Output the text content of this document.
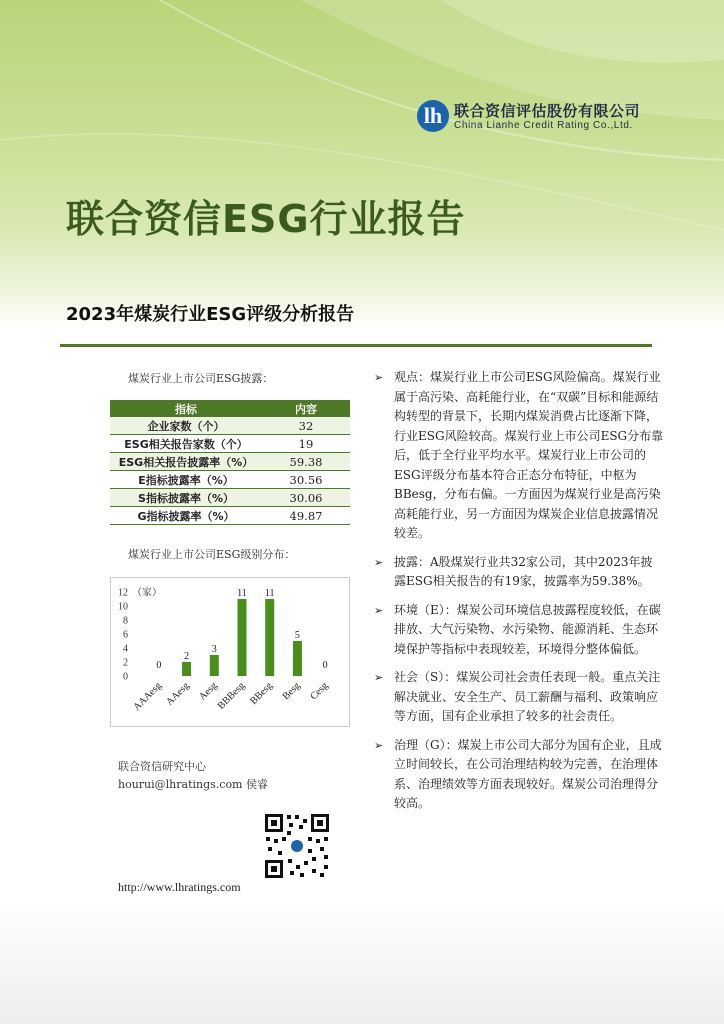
lh 联合资信评估股份有限公司
China Lianhe Credit Rating Co.,Ltd.
联合资信ESG行业报告
2023年煤炭行业ESG评级分析报告
煤炭行业上市公司ESG披露：
指标	内容
企业家数（个）	32
ESG相关报告家数（个）	19
ESG相关报告披露率（%）	59.38
E指标披露率（%）	30.56
S指标披露率（%）	30.06
G指标披露率（%）	49.87
煤炭行业上市公司ESG级别分布：
0
2
4
6
8
10
12 （家）
0
AAAesg
2
AAesg
3
Aesg
11
BBBesg
11
BBesg
5
Besg
0
Cesg
联合资信研究中心
hourui@lhratings.com 侯睿
http://www.lhratings.com
➢ 观点：煤炭行业上市公司ESG风险偏高。煤炭行业属于高污染、高耗能行业，在“双碳”目标和能源结构转型的背景下，长期内煤炭消费占比逐渐下降，行业ESG风险较高。煤炭行业上市公司ESG分布靠后，低于全行业平均水平。煤炭行业上市公司的ESG评级分布基本符合正态分布特征，中枢为BBesg，分布右偏。一方面因为煤炭行业是高污染高耗能行业，另一方面因为煤炭企业信息披露情况较差。

➢ 披露：A股煤炭行业共32家公司，其中2023年披露ESG相关报告的有19家，披露率为59.38%。

➢ 环境（E）：煤炭公司环境信息披露程度较低，在碳排放、大气污染物、水污染物、能源消耗、生态环境保护等指标中表现较差，环境得分整体偏低。

➢ 社会（S）：煤炭公司社会责任表现一般。重点关注解决就业、安全生产、员工薪酬与福利、政策响应等方面，国有企业承担了较多的社会责任。

➢ 治理（G）：煤炭上市公司大部分为国有企业，且成立时间较长，在公司治理结构较为完善，在治理体系、治理绩效等方面表现较好。煤炭公司治理得分较高。
